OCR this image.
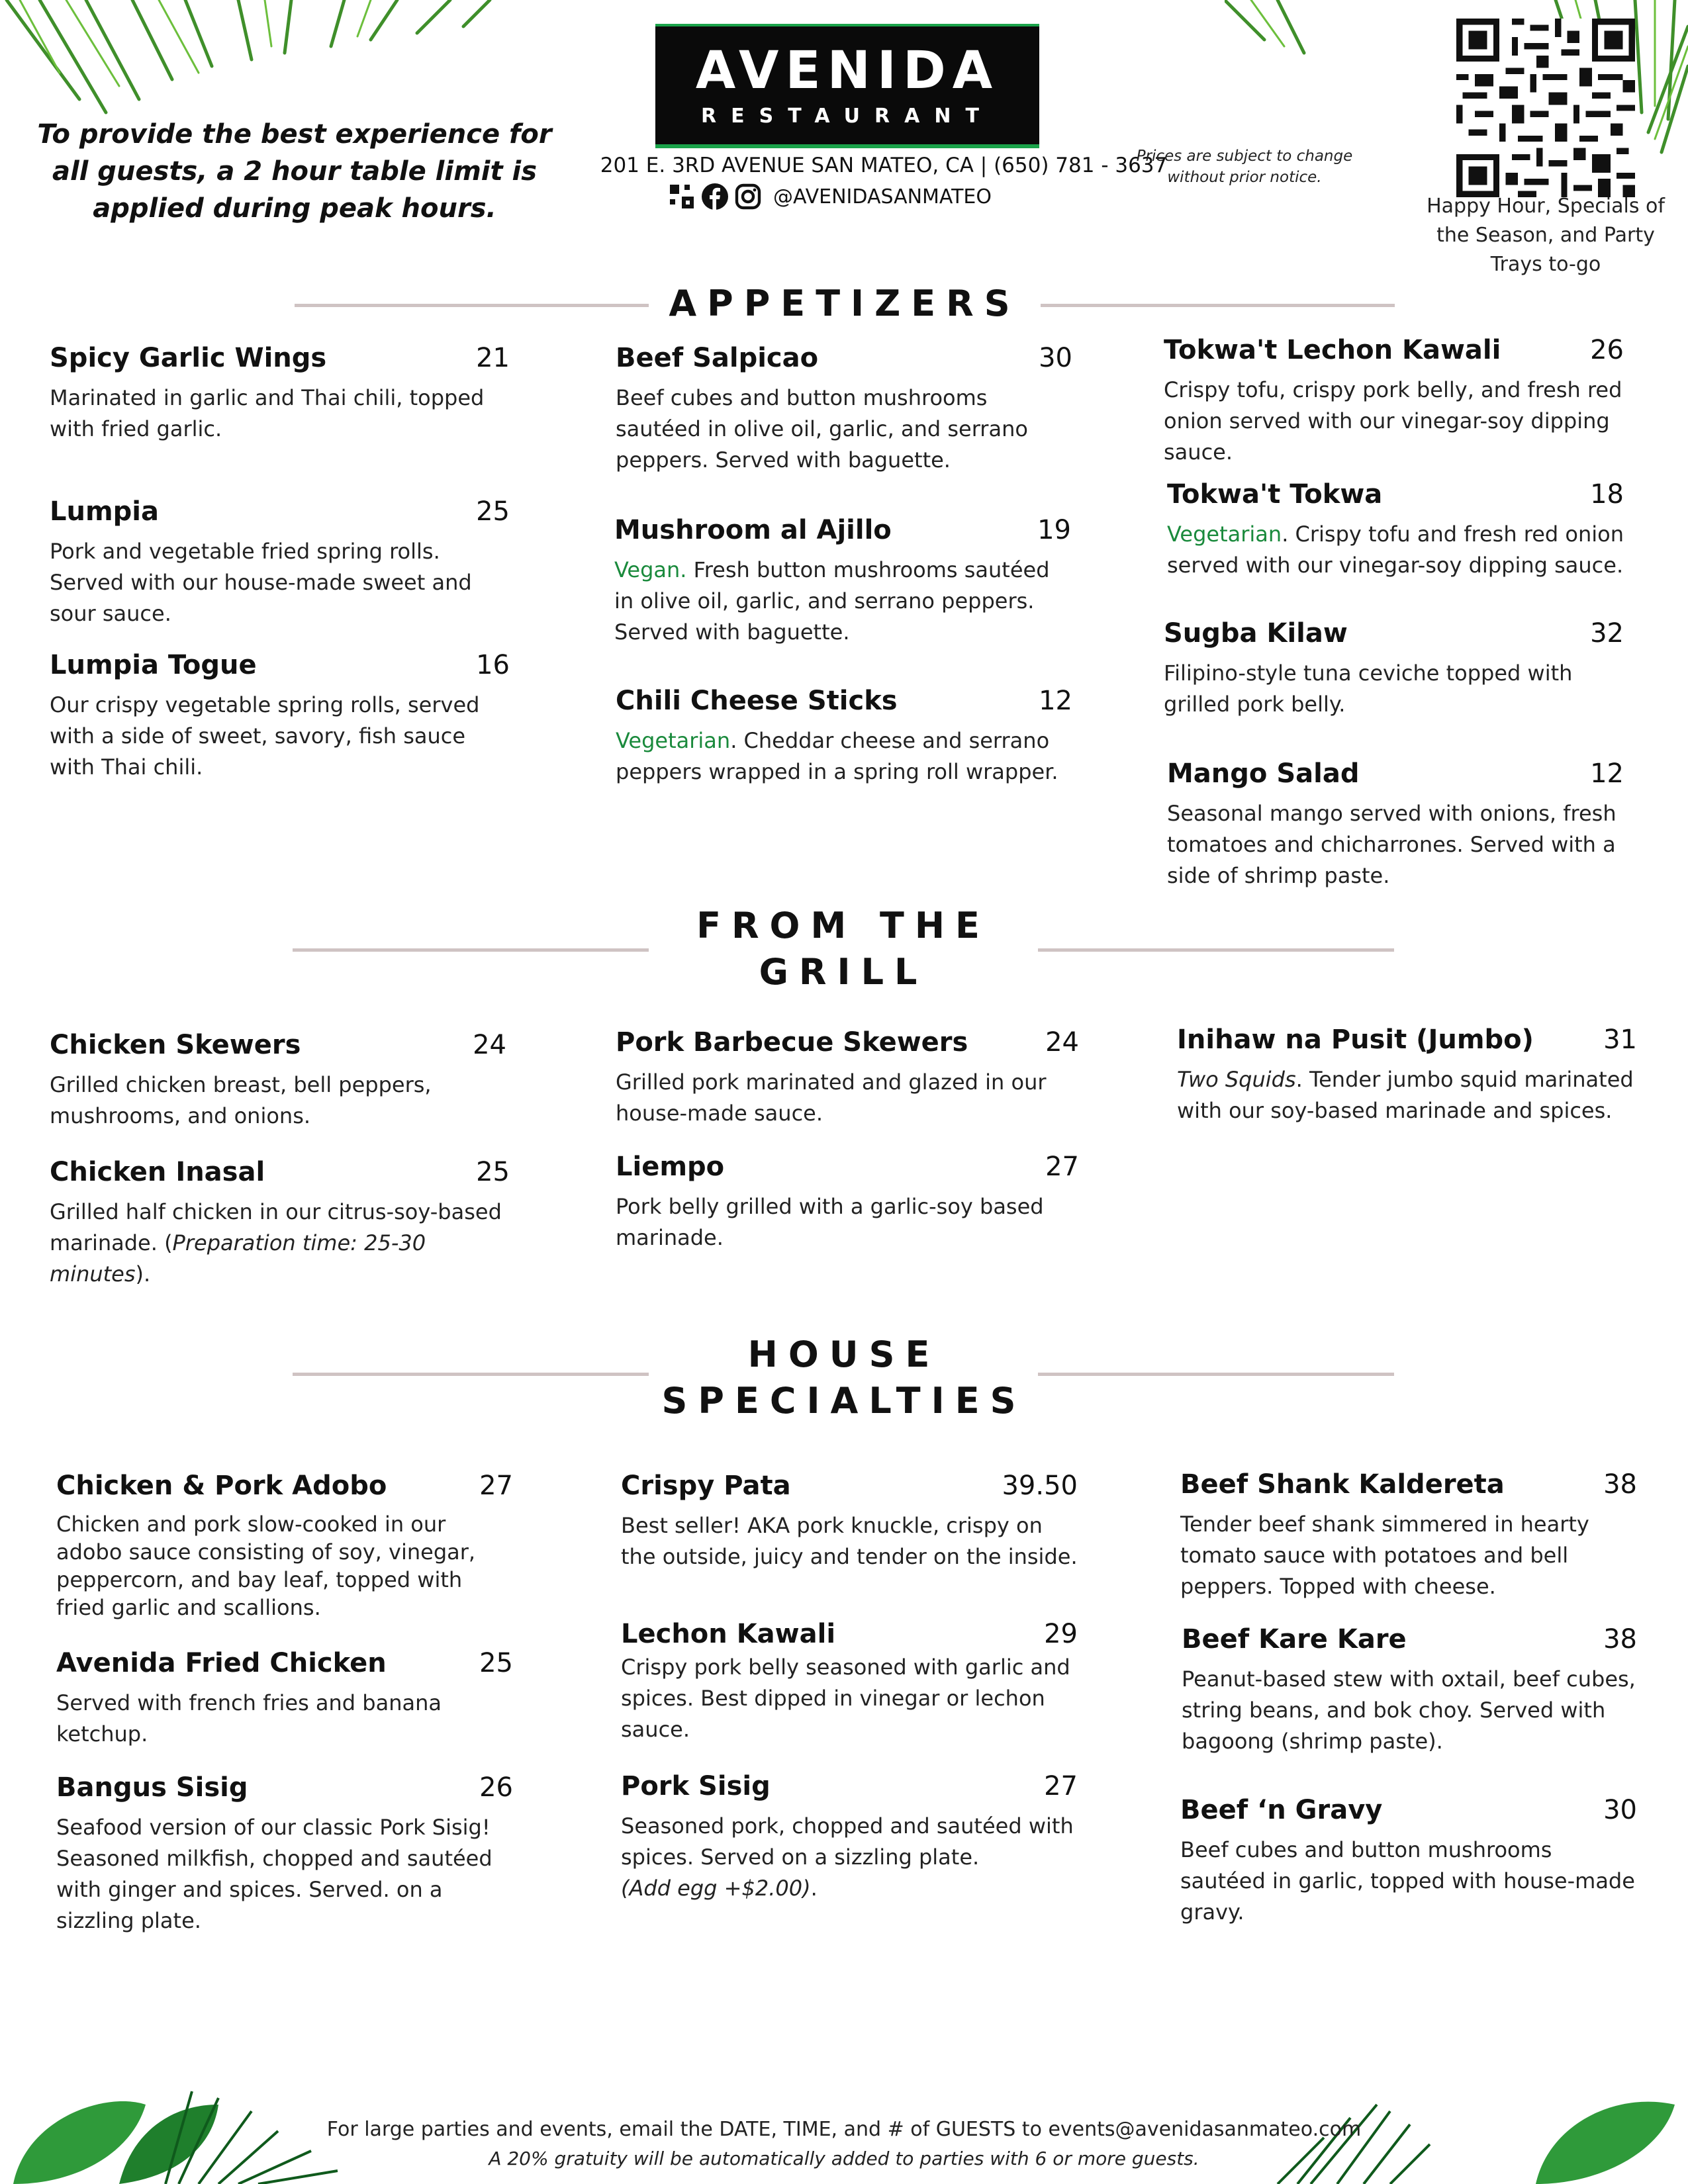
To provide the best experience for all guests, a 2 hour table limit is applied during peak hours.
AVENIDA
RESTAURANT
201 E. 3RD AVENUE SAN MATEO, CA | (650) 781 - 3637
@AVENIDASANMATEO
Prices are subject to change without prior notice.
Happy Hour, Specials of the Season, and Party Trays to-go
APPETIZERS
Spicy Garlic Wings	21
Marinated in garlic and Thai chili, topped with fried garlic.
Lumpia	25
Pork and vegetable fried spring rolls. Served with our house-made sweet and sour sauce.
Lumpia Togue	16
Our crispy vegetable spring rolls, served with a side of sweet, savory, fish sauce with Thai chili.
Beef Salpicao	30
Beef cubes and button mushrooms sautéed in olive oil, garlic, and serrano peppers. Served with baguette.
Mushroom al Ajillo	19
Vegan. Fresh button mushrooms sautéed in olive oil, garlic, and serrano peppers. Served with baguette.
Chili Cheese Sticks	12
Vegetarian. Cheddar cheese and serrano peppers wrapped in a spring roll wrapper.
Tokwa't Lechon Kawali	26
Crispy tofu, crispy pork belly, and fresh red onion served with our vinegar-soy dipping sauce.
Tokwa't Tokwa	18
Vegetarian. Crispy tofu and fresh red onion served with our vinegar-soy dipping sauce.
Sugba Kilaw	32
Filipino-style tuna ceviche topped with grilled pork belly.
Mango Salad	12
Seasonal mango served with onions, fresh tomatoes and chicharrones. Served with a side of shrimp paste.
FROM THE
GRILL
Chicken Skewers	24
Grilled chicken breast, bell peppers, mushrooms, and onions.
Chicken Inasal	25
Grilled half chicken in our citrus-soy-based marinade. (Preparation time: 25-30 minutes).
Pork Barbecue Skewers	24
Grilled pork marinated and glazed in our house-made sauce.
Liempo	27
Pork belly grilled with a garlic-soy based marinade.
Inihaw na Pusit (Jumbo)	31
Two Squids. Tender jumbo squid marinated with our soy-based marinade and spices.
HOUSE
SPECIALTIES
Chicken & Pork Adobo	27
Chicken and pork slow-cooked in our adobo sauce consisting of soy, vinegar, peppercorn, and bay leaf, topped with fried garlic and scallions.
Avenida Fried Chicken	25
Served with french fries and banana ketchup.
Bangus Sisig	26
Seafood version of our classic Pork Sisig! Seasoned milkfish, chopped and sautéed with ginger and spices. Served. on a sizzling plate.
Crispy Pata	39.50
Best seller! AKA pork knuckle, crispy on the outside, juicy and tender on the inside.
Lechon Kawali	29
Crispy pork belly seasoned with garlic and spices. Best dipped in vinegar or lechon sauce.
Pork Sisig	27
Seasoned pork, chopped and sautéed with spices. Served on a sizzling plate.
(Add egg +$2.00).
Beef Shank Kaldereta	38
Tender beef shank simmered in hearty tomato sauce with potatoes and bell peppers. Topped with cheese.
Beef Kare Kare	38
Peanut-based stew with oxtail, beef cubes, string beans, and bok choy. Served with bagoong (shrimp paste).
Beef ‘n Gravy	30
Beef cubes and button mushrooms sautéed in garlic, topped with house-made gravy.
For large parties and events, email the DATE, TIME, and # of GUESTS to events@avenidasanmateo.com
A 20% gratuity will be automatically added to parties with 6 or more guests.
